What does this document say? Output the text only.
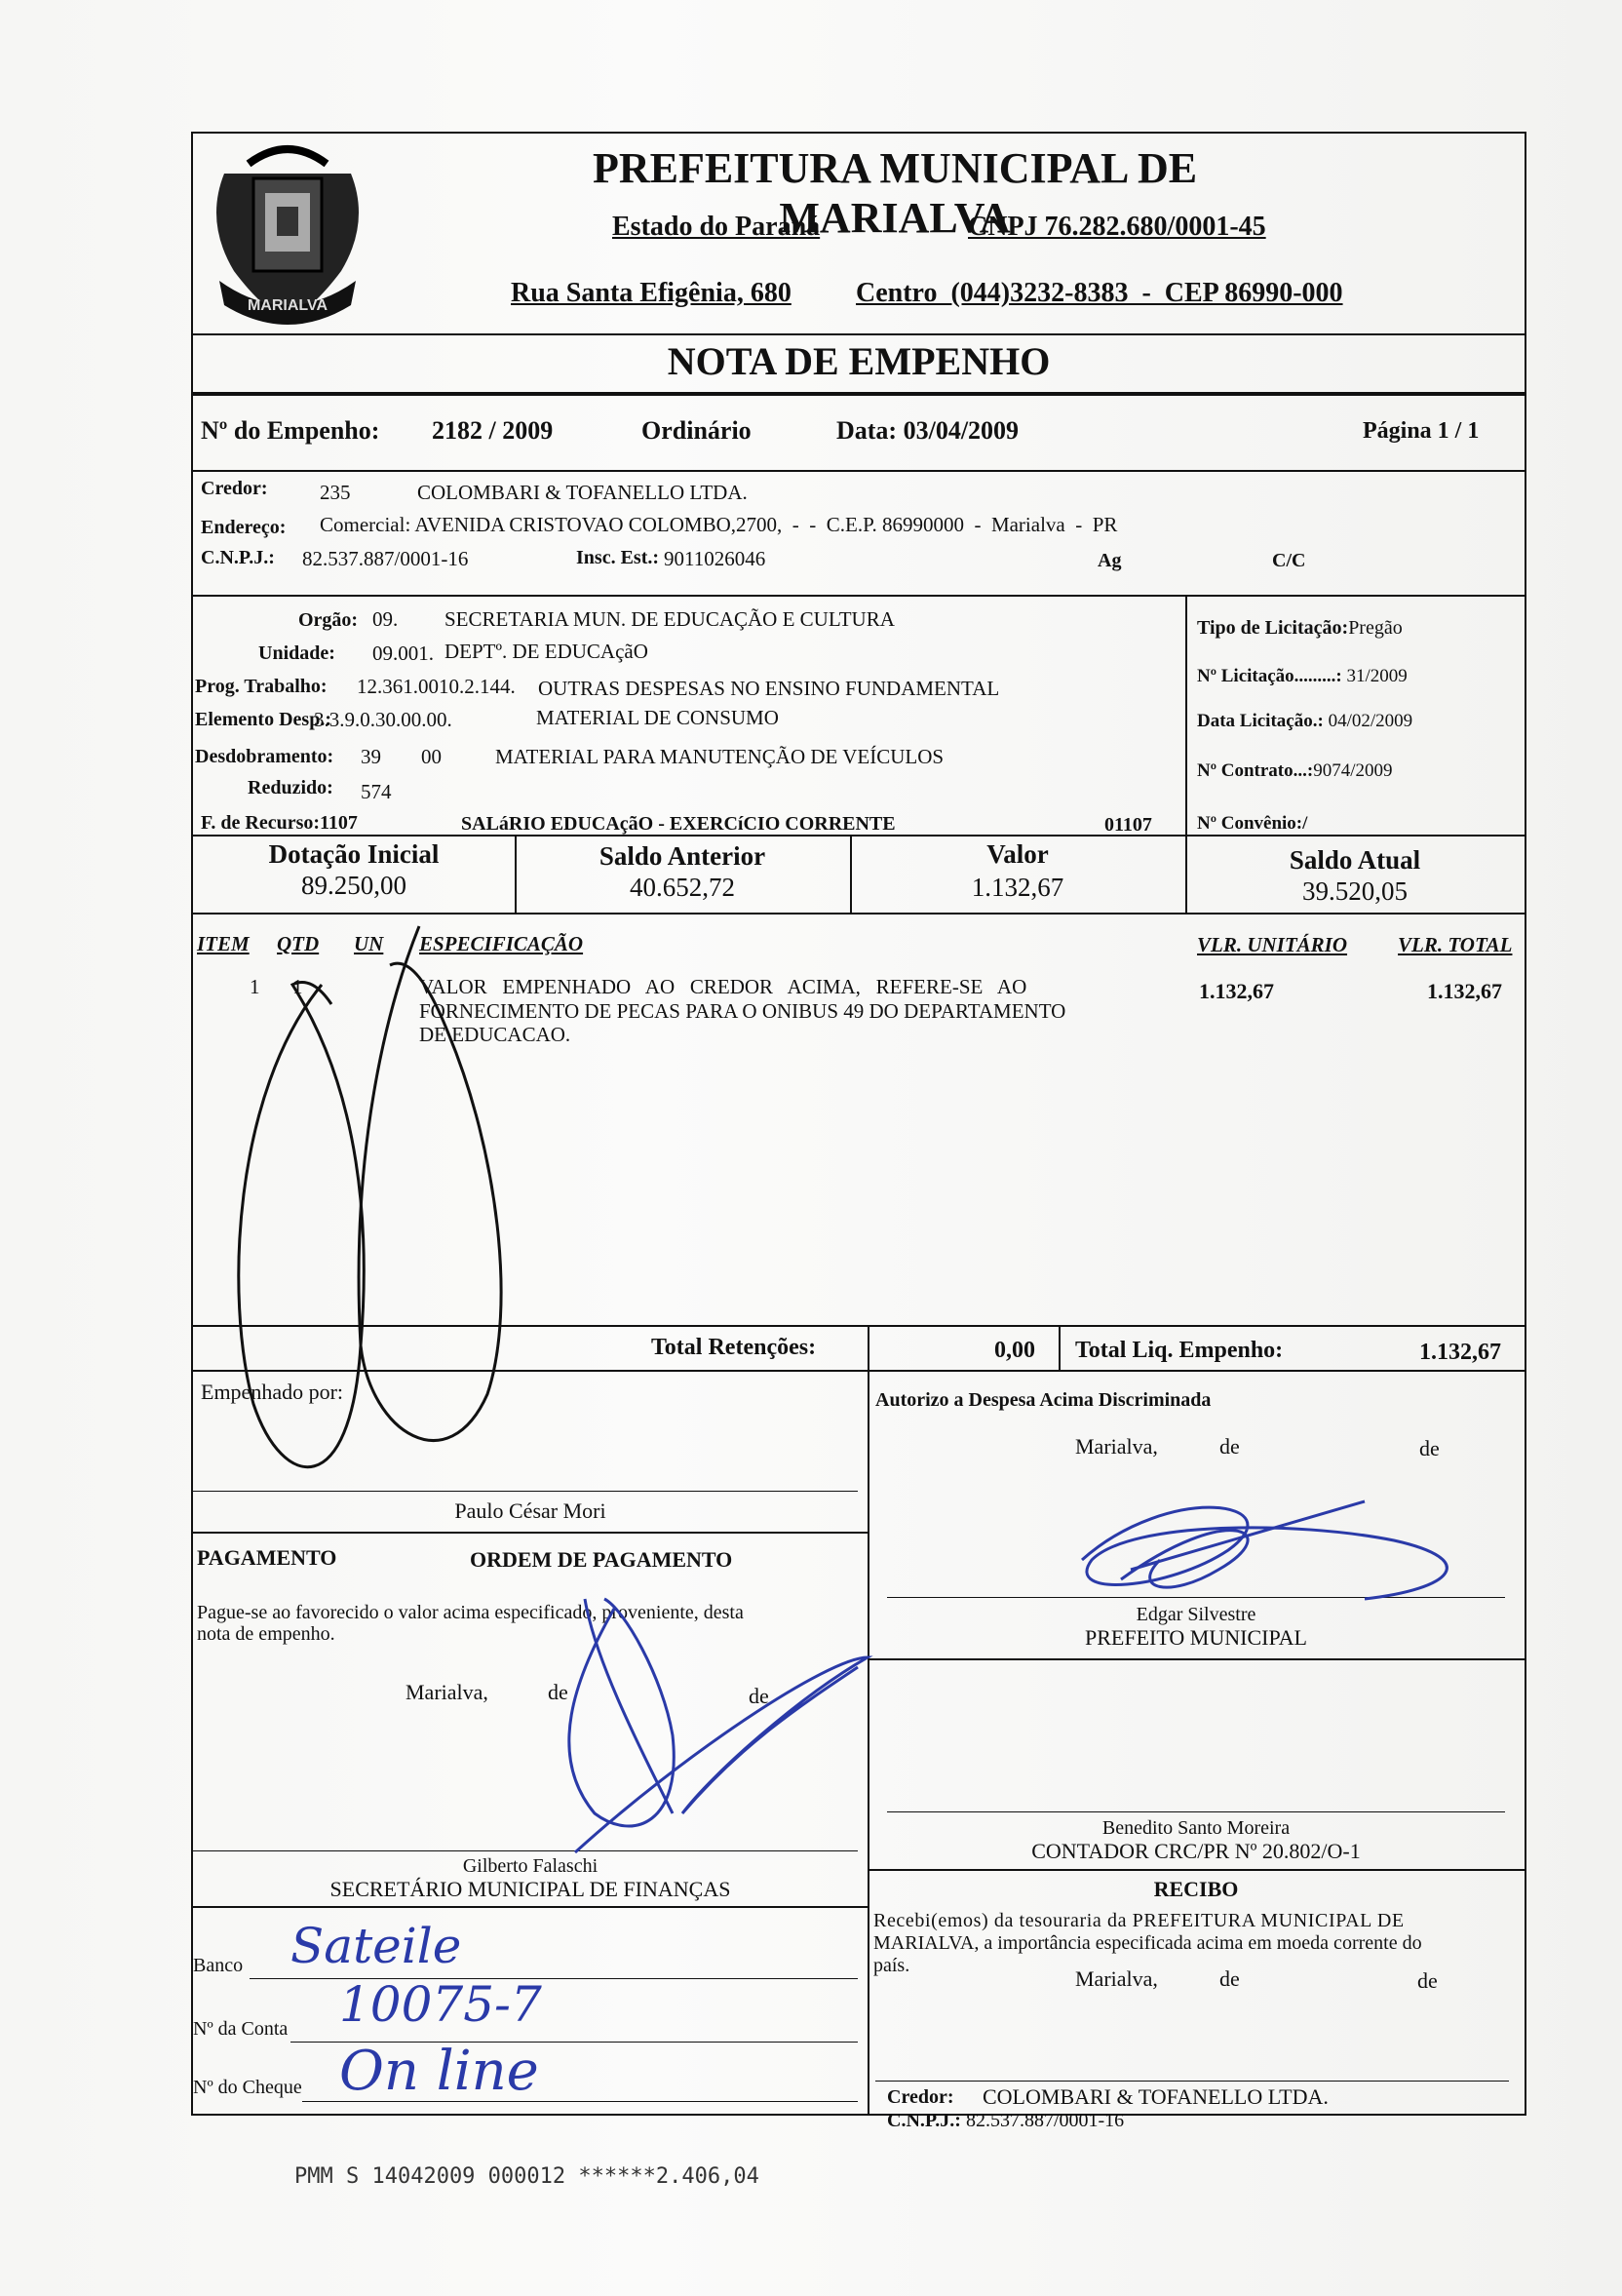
MARIALVA
PREFEITURA MUNICIPAL DE MARIALVA
Estado do Paraná	CNPJ 76.282.680/0001-45
Rua Santa Efigênia, 680 Centro  (044)3232-8383  -  CEP 86990-000
NOTA DE EMPENHO
Nº do Empenho: 2182 / 2009	Ordinário	Data: 03/04/2009	Página 1 / 1
Credor:	235	COLOMBARI & TOFANELLO LTDA.
Endereço: Comercial: AVENIDA CRISTOVAO COLOMBO,2700,  -  -  C.E.P. 86990000  -  Marialva  -  PR
C.N.P.J.: 82.537.887/0001-16	Insc. Est.: 9011026046	Ag	C/C
Orgão: 09. SECRETARIA MUN. DE EDUCAÇÃO E CULTURA
Unidade: 09.001. DEPTº. DE EDUCAçãO
Prog. Trabalho: 12.361.0010.2.144. OUTRAS DESPESAS NO ENSINO FUNDAMENTAL
Elemento Desp.:
3.3.9.0.30.00.00.	MATERIAL DE CONSUMO
Desdobramento: 39 00	MATERIAL PARA MANUTENÇÃO DE VEÍCULOS
Reduzido: 574
F. de Recurso: 1107	SALáRIO EDUCAçãO - EXERCíCIO CORRENTE	01107
Tipo de Licitação:Pregão
Nº Licitação.........: 31/2009
Data Licitação.: 04/02/2009
Nº Contrato...:9074/2009
Nº Convênio:/
Dotação Inicial
89.250,00
Saldo Anterior
40.652,72
Valor
1.132,67
Saldo Atual
39.520,05
ITEM QTD UN ESPECIFICAÇÃO	VLR. UNITÁRIO VLR. TOTAL
1 1	VALOR   EMPENHADO   AO   CREDOR   ACIMA,   REFERE-SE   AO
FORNECIMENTO DE PECAS PARA O ONIBUS 49 DO DEPARTAMENTO
DE EDUCACAO.
1.132,67	1.132,67
Total Retenções:	0,00 Total Liq. Empenho:	1.132,67
Empenhado por:
Paulo César Mori
PAGAMENTO	ORDEM DE PAGAMENTO
Pague-se ao favorecido o valor acima especificado, proveniente, desta
nota de empenho.
Marialva,	de	de
Gilberto Falaschi
SECRETÁRIO MUNICIPAL DE FINANÇAS
Banco Sateile
Nº da Conta 10075-7
Nº do Cheque On line
Autorizo a Despesa Acima Discriminada
Marialva,	de	de
Edgar Silvestre
PREFEITO MUNICIPAL
Benedito Santo Moreira
CONTADOR CRC/PR Nº 20.802/O-1
RECIBO
Recebi(emos) da tesouraria da PREFEITURA MUNICIPAL DE
MARIALVA, a importância especificada acima em moeda corrente do
país.
Marialva,	de	de
Credor: COLOMBARI & TOFANELLO LTDA.
C.N.P.J.: 82.537.887/0001-16
PMM S 14042009 000012 ******2.406,04
